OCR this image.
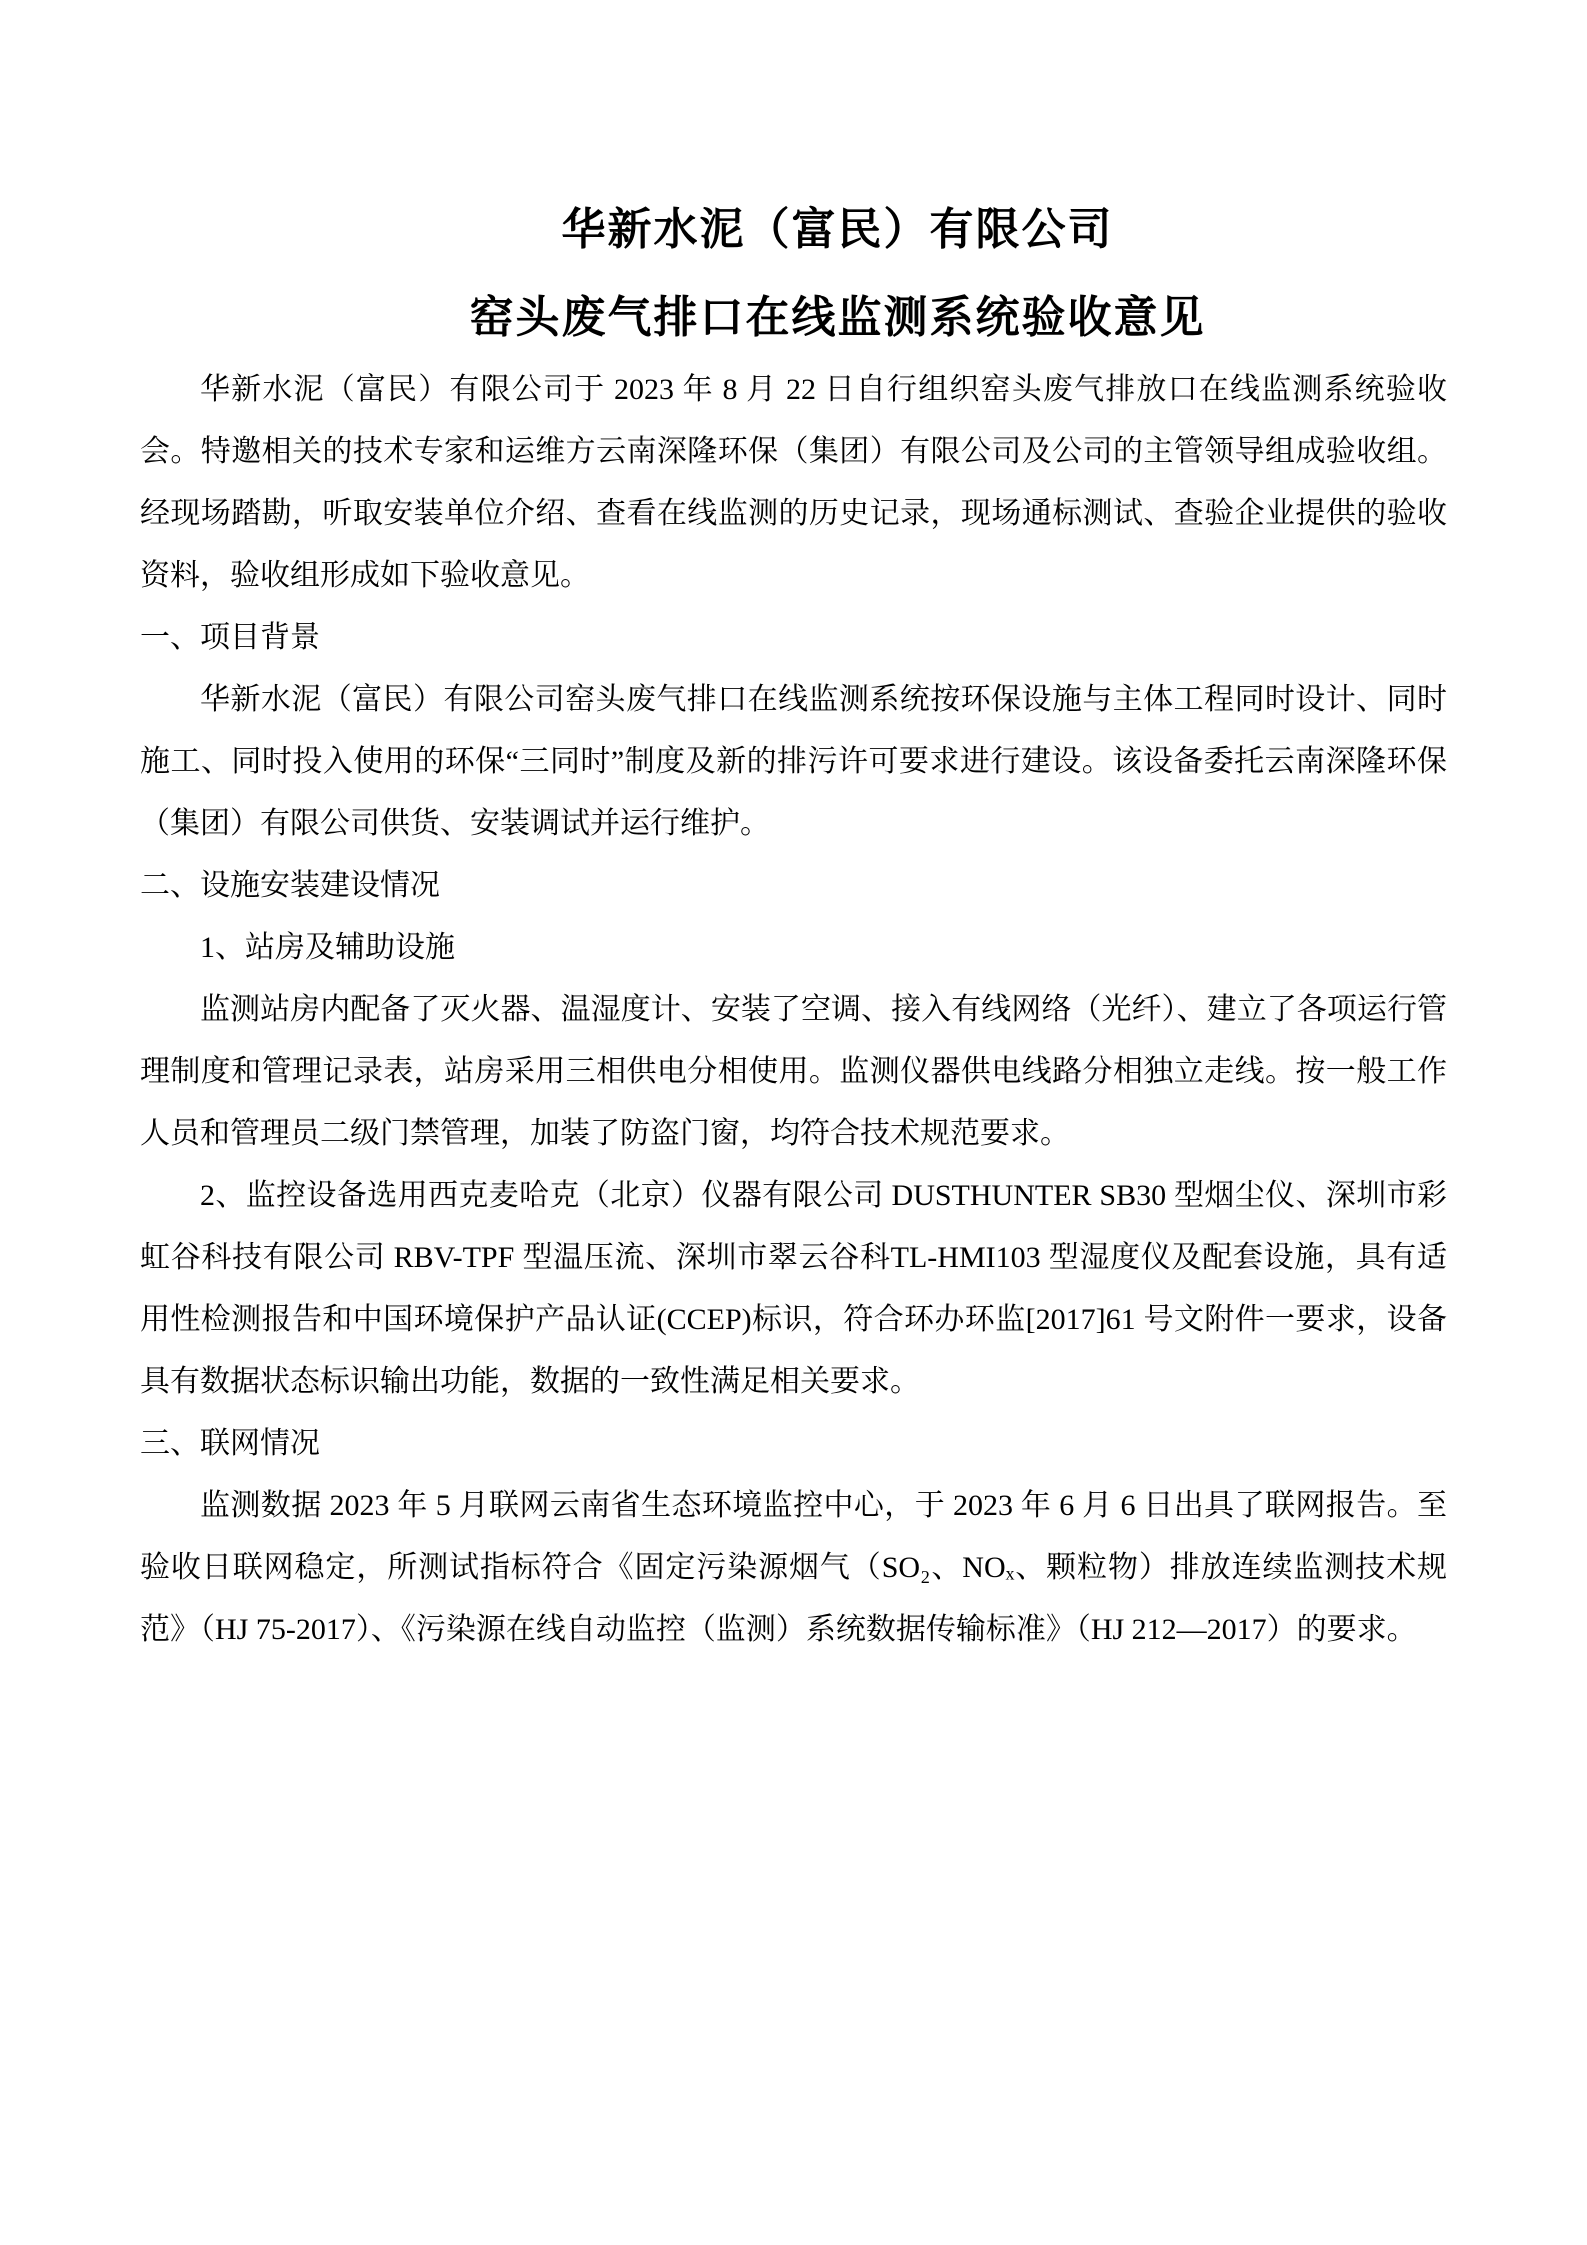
华新水泥（富民）有限公司
窑头废气排口在线监测系统验收意见

华新水泥（富民）有限公司于 2023 年 8 月 22 日自行组织窑头废气排放口在线监测系统验收会。特邀相关的技术专家和运维方云南深隆环保（集团）有限公司及公司的主管领导组成验收组。经现场踏勘，听取安装单位介绍、查看在线监测的历史记录，现场通标测试、查验企业提供的验收资料，验收组形成如下验收意见。

一、项目背景

华新水泥（富民）有限公司窑头废气排口在线监测系统按环保设施与主体工程同时设计、同时施工、同时投入使用的环保“三同时”制度及新的排污许可要求进行建设。该设备委托云南深隆环保（集团）有限公司供货、安装调试并运行维护。

二、设施安装建设情况

1、站房及辅助设施

监测站房内配备了灭火器、温湿度计、安装了空调、接入有线网络（光纤）、建立了各项运行管理制度和管理记录表，站房采用三相供电分相使用。监测仪器供电线路分相独立走线。按一般工作人员和管理员二级门禁管理，加装了防盗门窗，均符合技术规范要求。

2、监控设备选用西克麦哈克（北京）仪器有限公司 DUSTHUNTER SB30 型烟尘仪、深圳市彩虹谷科技有限公司 RBV-TPF 型温压流、深圳市翠云谷科TL-HMI103 型湿度仪及配套设施，具有适用性检测报告和中国环境保护产品认证(CCEP)标识，符合环办环监[2017]61 号文附件一要求，设备具有数据状态标识输出功能，数据的一致性满足相关要求。

三、联网情况

监测数据 2023 年 5 月联网云南省生态环境监控中心，于 2023 年 6 月 6 日出具了联网报告。至验收日联网稳定，所测试指标符合《固定污染源烟气（SO₂、NOₓ、颗粒物）排放连续监测技术规范》（HJ 75-2017）、《污染源在线自动监控（监测）系统数据传输标准》（HJ 212—2017）的要求。
